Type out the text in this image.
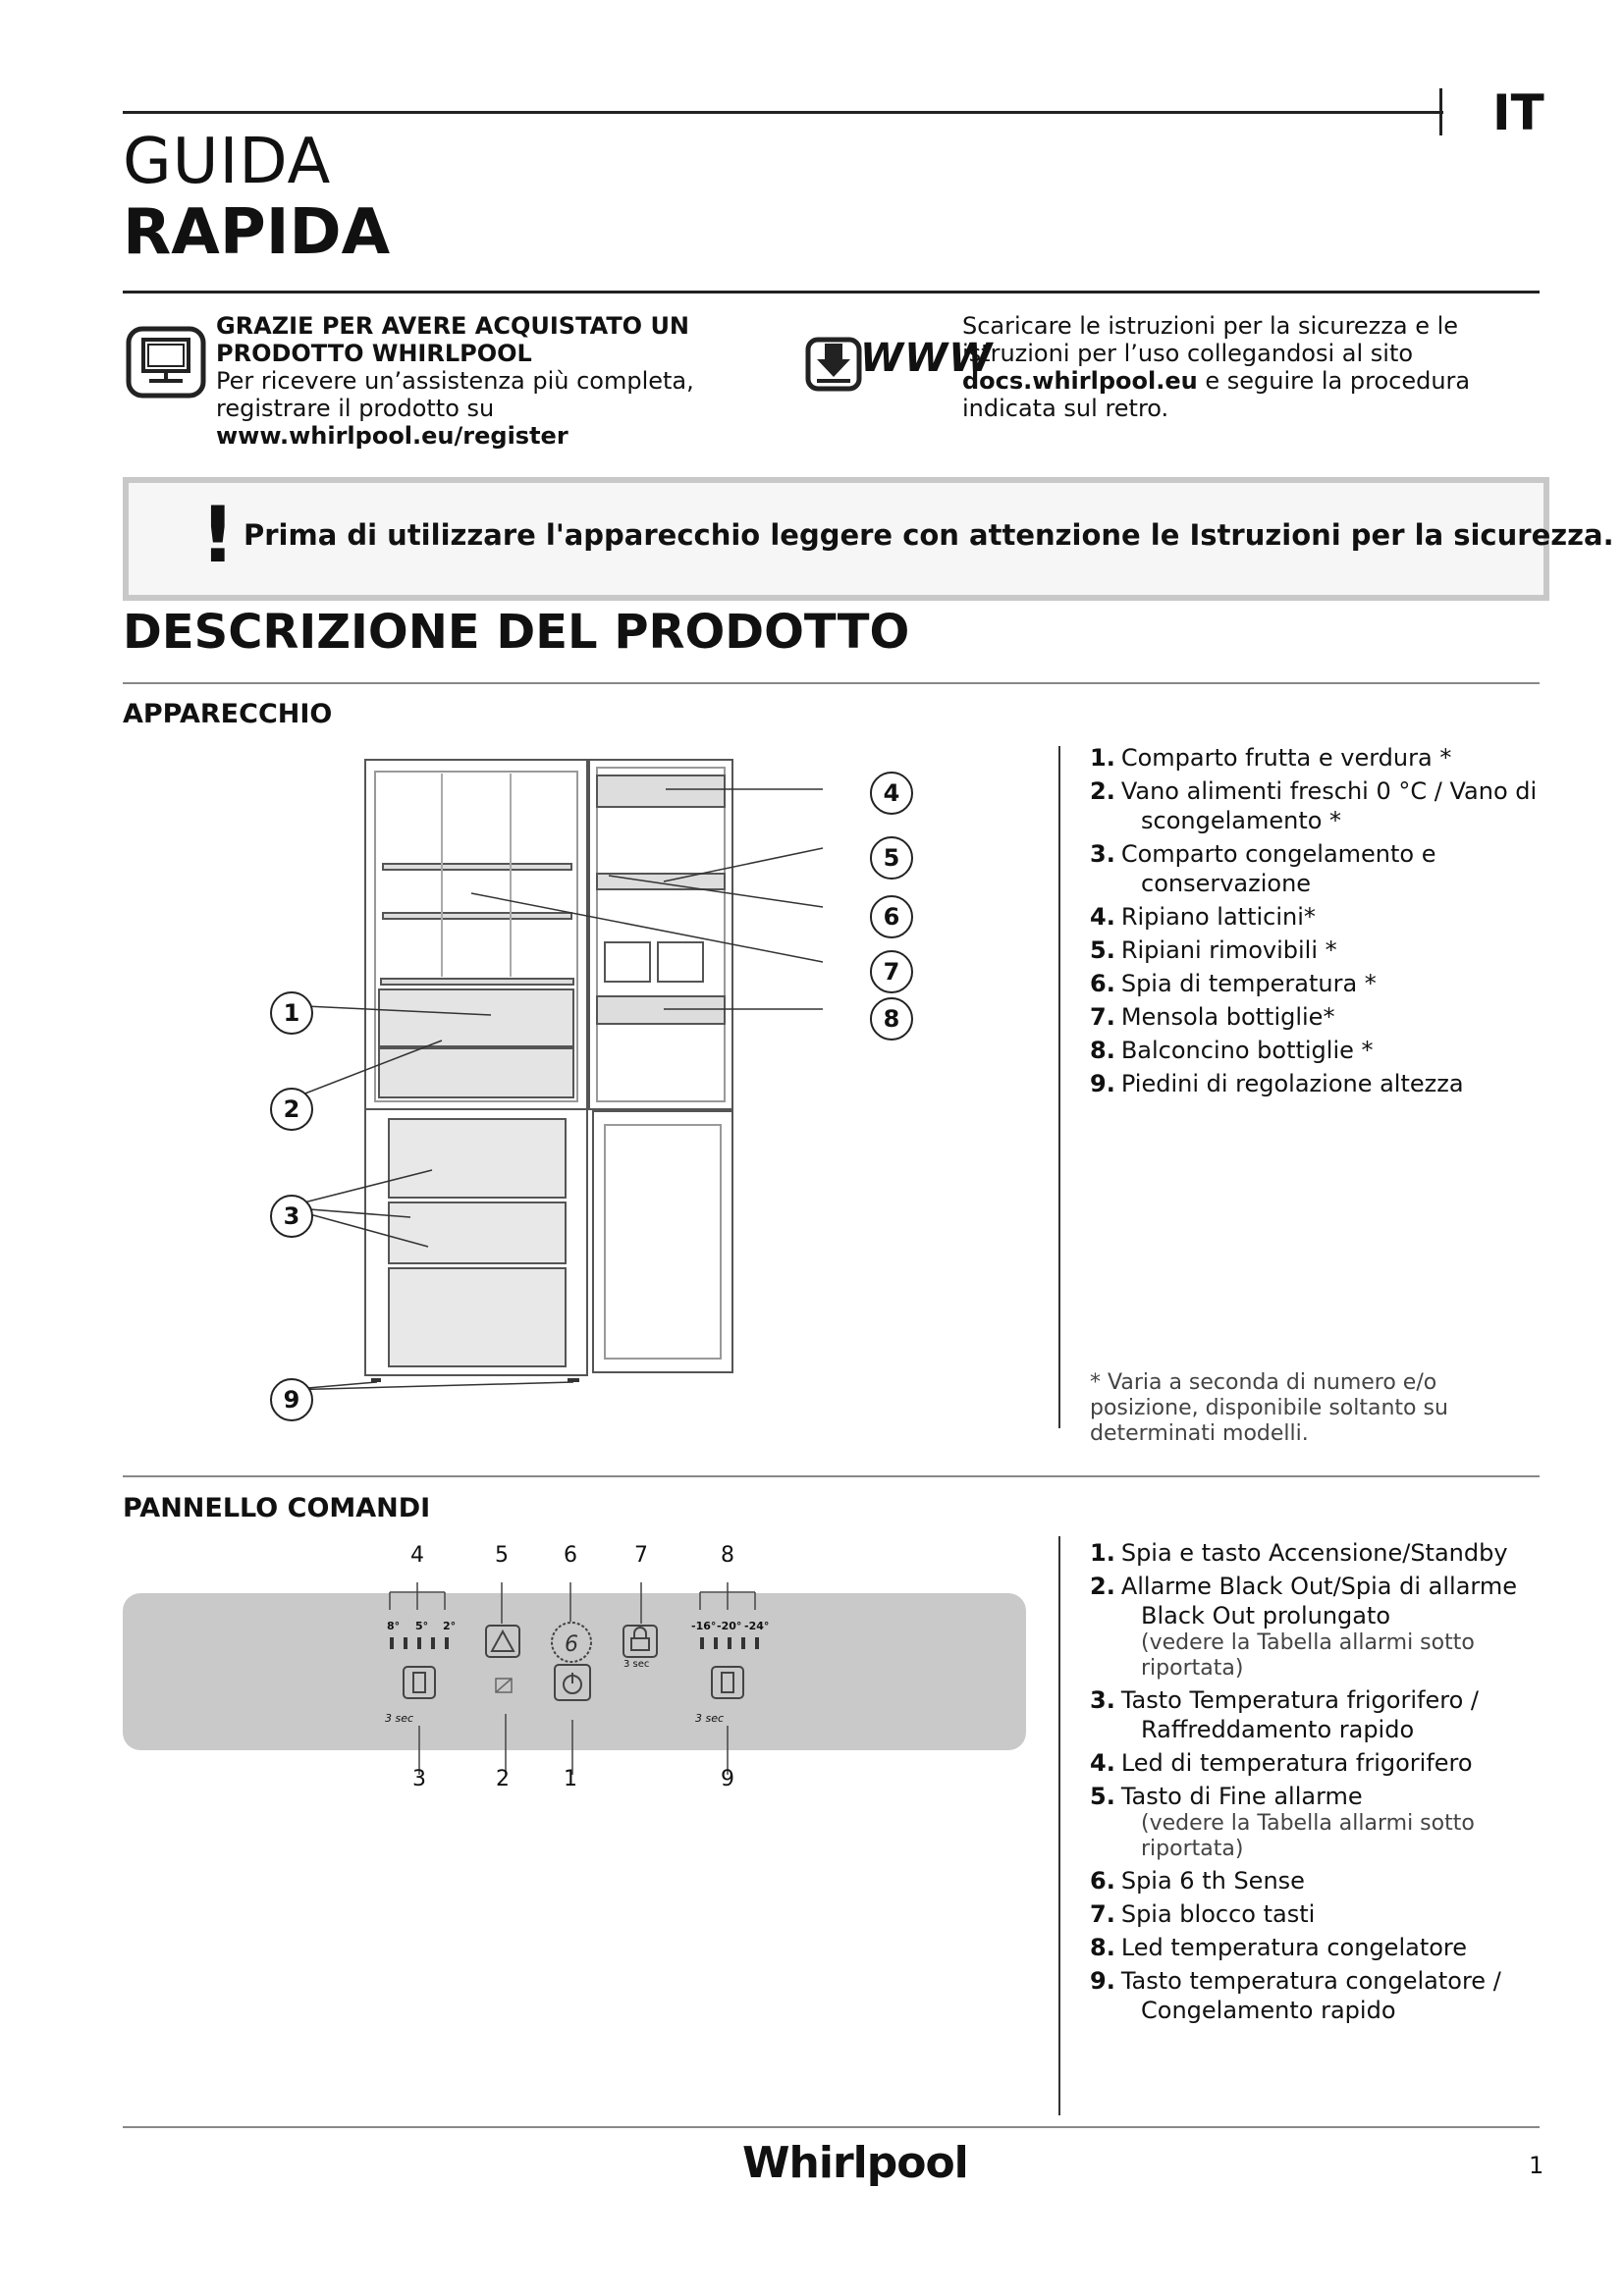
IT
GUIDA
RAPIDA
GRAZIE PER AVERE ACQUISTATO UN
PRODOTTO WHIRLPOOL
Per ricevere un’assistenza più completa, registrare il prodotto su www.whirlpool.eu/register
WWW
Scaricare le istruzioni per la sicurezza e le istruzioni per l’uso collegandosi al sito docs.whirlpool.eu e seguire la procedura indicata sul retro.
! Prima di utilizzare l'apparecchio leggere con attenzione le Istruzioni per la sicurezza.
DESCRIZIONE DEL PRODOTTO
APPARECCHIO
1
2
3
4
5
6
7
8
9
1. Comparto frutta e verdura *
2. Vano alimenti freschi 0 °C / Vano di
scongelamento *
3. Comparto congelamento e
conservazione
4. Ripiano latticini*
5. Ripiani rimovibili *
6. Spia di temperatura *
7. Mensola bottiglie*
8. Balconcino bottiglie *
9. Piedini di regolazione altezza
* Varia a seconda di numero e/o posizione, disponibile soltanto su determinati modelli.
PANNELLO COMANDI
6
4	5	6	7	8
3	2	1	9
8° 5° 2°	-16° -20° -24°
3 sec
3 sec
3 sec
1. Spia e tasto Accensione/Standby
2. Allarme Black Out/Spia di allarme
Black Out prolungato
(vedere la Tabella allarmi sotto riportata)
3. Tasto Temperatura frigorifero /
Raffreddamento rapido
4. Led di temperatura frigorifero
5. Tasto di Fine allarme
(vedere la Tabella allarmi sotto riportata)
6. Spia 6 th Sense
7. Spia blocco tasti
8. Led temperatura congelatore
9. Tasto temperatura congelatore /
Congelamento rapido
Whirlpool	1
